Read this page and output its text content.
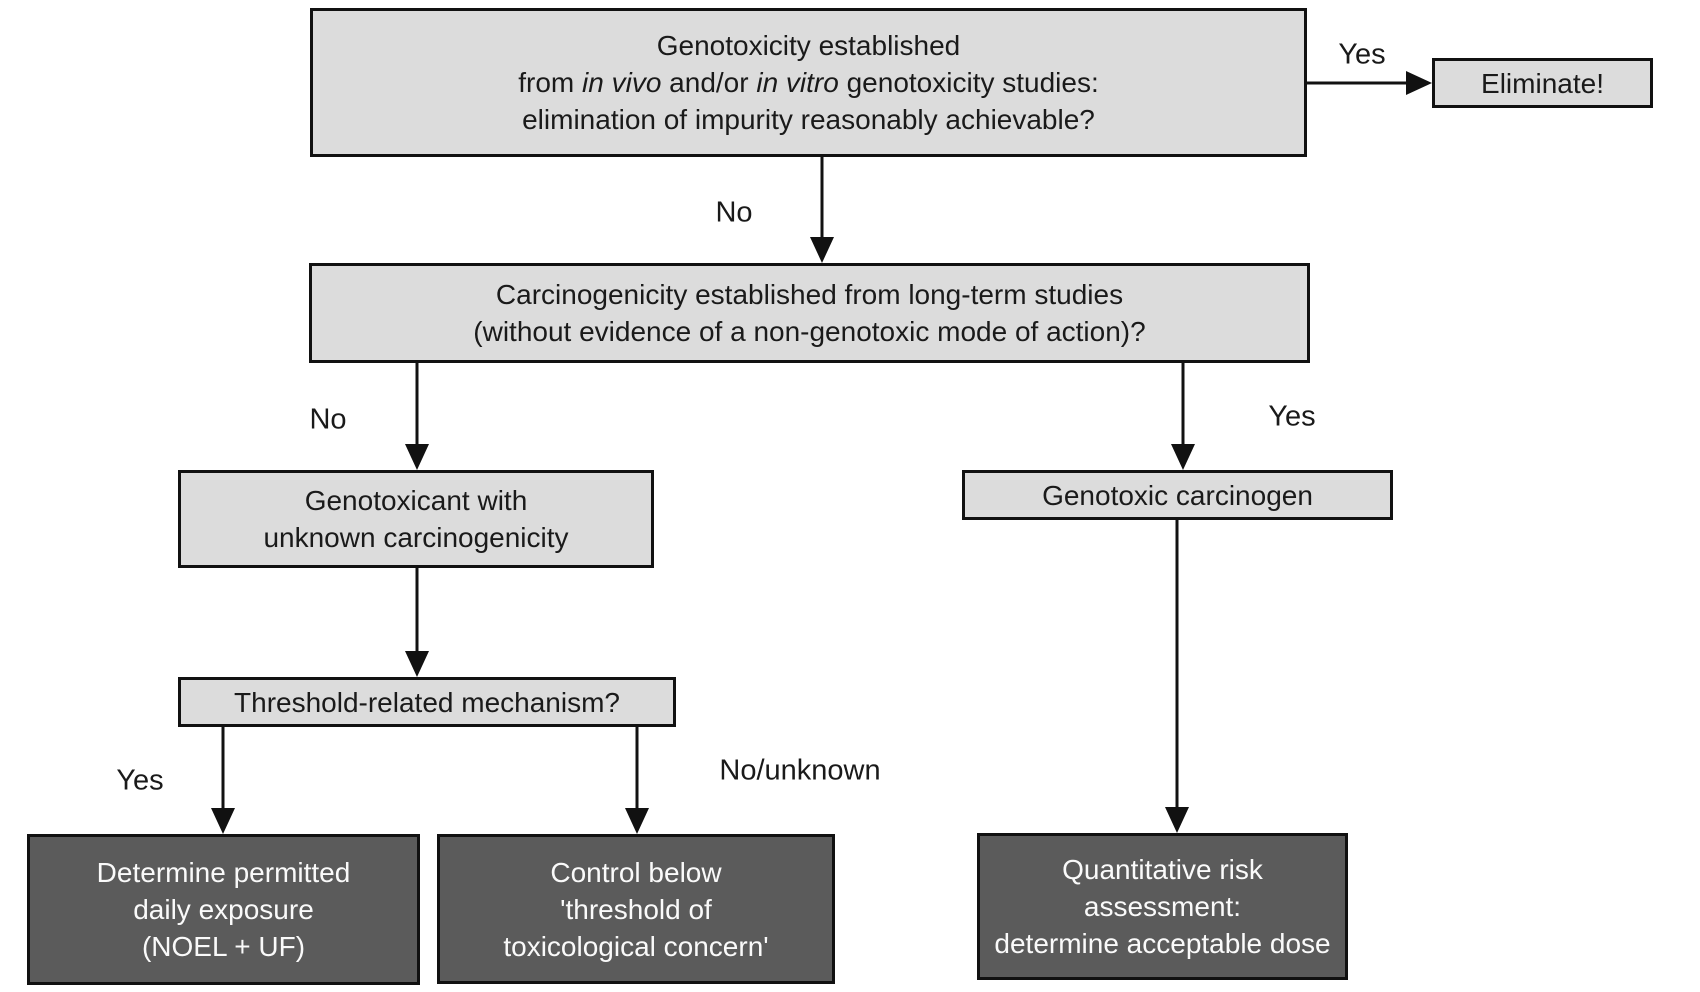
Genotoxicity established
from in vivo and/or in vitro genotoxicity studies:
elimination of impurity reasonably achievable?
Eliminate!
Carcinogenicity established from long-term studies
(without evidence of a non-genotoxic mode of action)?
Genotoxicant with
unknown carcinogenicity
Threshold-related mechanism?
Genotoxic carcinogen
Determine permitted
daily exposure
(NOEL + UF)
Control below
'threshold of
toxicological concern'
Quantitative risk
assessment:
determine acceptable dose
Yes
No
No	Yes
Yes	No/unknown
